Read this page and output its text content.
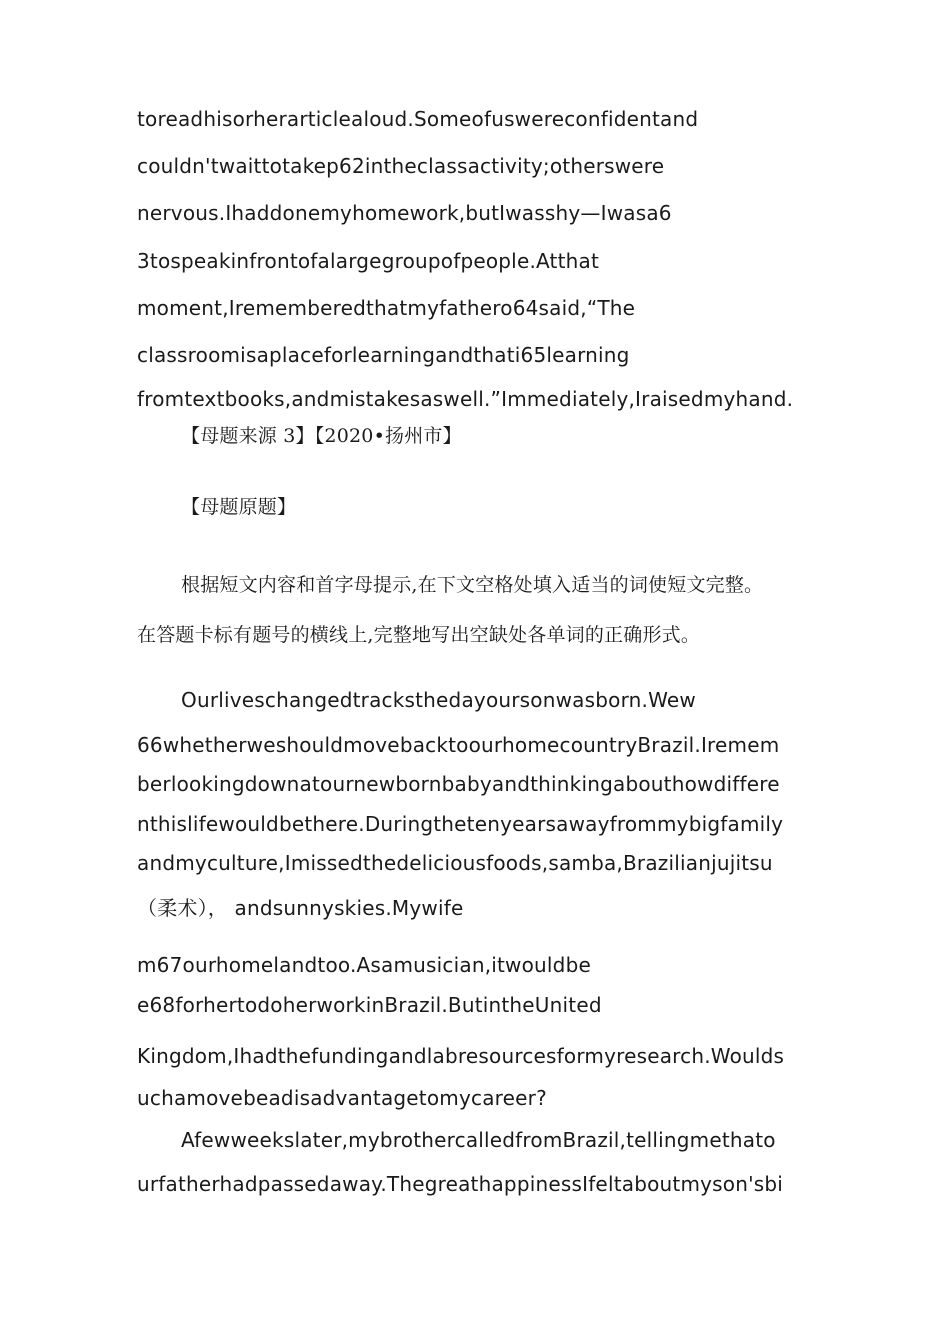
toreadhisorherarticlealoud.Someofuswereconfidentand
couldn'twaittotakep62intheclassactivity;otherswere
nervous.Ihaddonemyhomework,butIwasshy—Iwasa6
3tospeakinfrontofalargegroupofpeople.Atthat
moment,Irememberedthatmyfathero64said,“The
classroomisaplaceforlearningandthati65learning
fromtextbooks,andmistakesaswell.”Immediately,Iraisedmyhand.
【母题来源 3】【2020•扬州市】
【母题原题】
根据短文内容和首字母提示,在下文空格处填入适当的词使短文完整。
在答题卡标有题号的横线上,完整地写出空缺处各单词的正确形式。
Ourliveschangedtracksthedayoursonwasborn.Wew
66whetherweshouldmovebacktoourhomecountryBrazil.Iremem
berlookingdownatournewbornbabyandthinkingabouthowdiffere
nthislifewouldbethere.Duringthetenyearsawayfrommybigfamily
andmyculture,Imissedthedeliciousfoods,samba,Brazilianjujitsu
（柔术）， andsunnyskies.Mywife
m67ourhomelandtoo.Asamusician,itwouldbe
e68forhertodoherworkinBrazil.ButintheUnited
Kingdom,Ihadthefundingandlabresourcesformyresearch.Woulds
uchamovebeadisadvantagetomycareer?
Afewweekslater,mybrothercalledfromBrazil,tellingmethato
urfatherhadpassedaway.ThegreathappinessIfeltaboutmyson'sbi
